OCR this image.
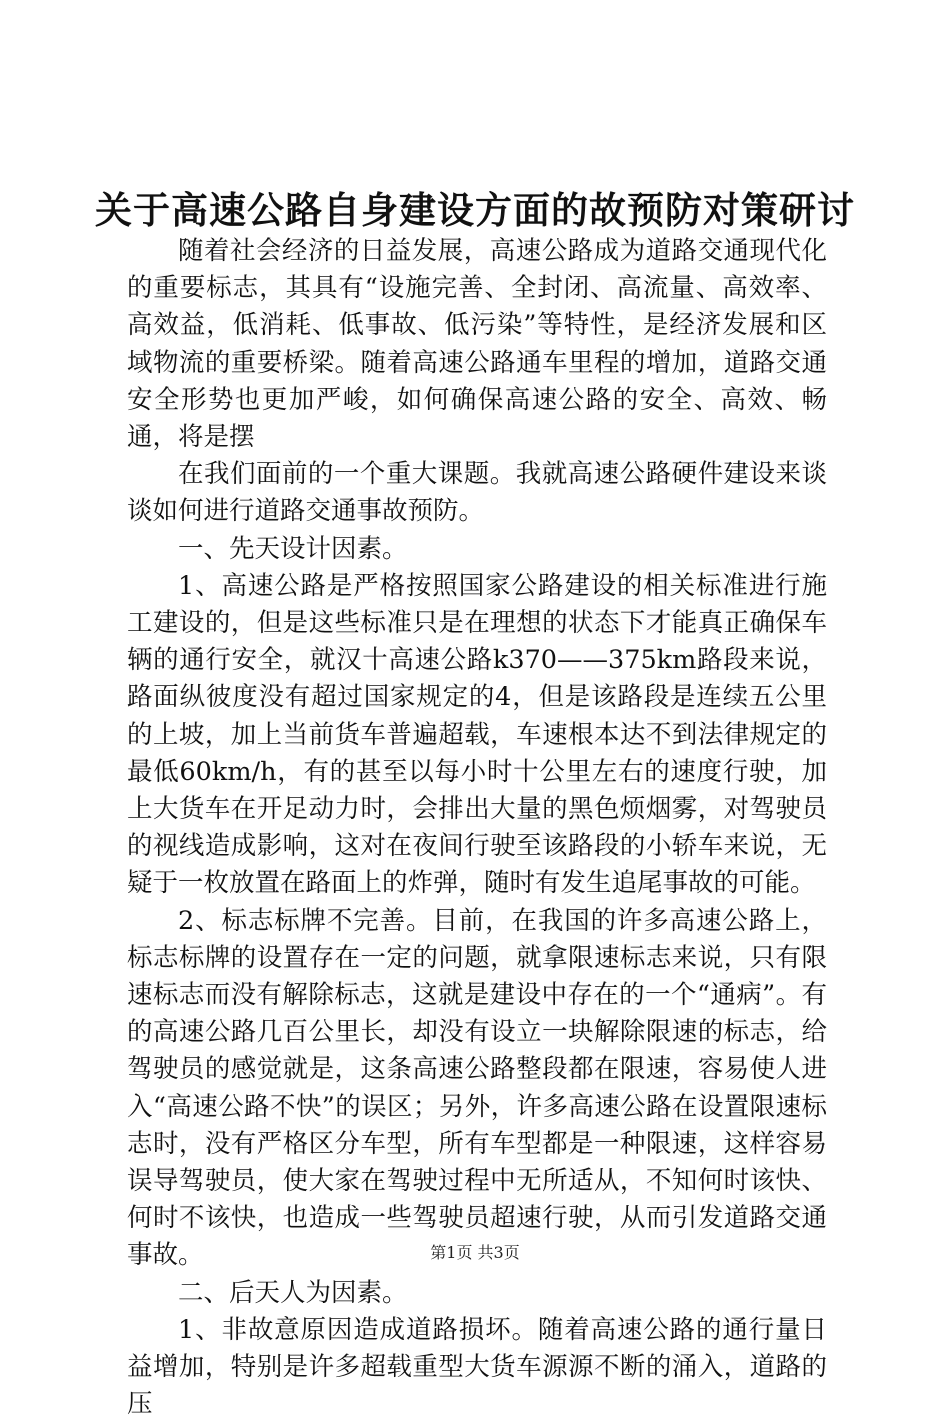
关于高速公路自身建设方面的故预防对策研讨

随着社会经济的日益发展，高速公路成为道路交通现代化的重要标志，其具有“设施完善、全封闭、高流量、高效率、高效益，低消耗、低事故、低污染”等特性，是经济发展和区域物流的重要桥梁。随着高速公路通车里程的增加，道路交通安全形势也更加严峻，如何确保高速公路的安全、高效、畅通，将是摆

在我们面前的一个重大课题。我就高速公路硬件建设来谈谈如何进行道路交通事故预防。

一、先天设计因素。

1、高速公路是严格按照国家公路建设的相关标准进行施工建设的，但是这些标准只是在理想的状态下才能真正确保车辆的通行安全，就汉十高速公路k370——375km路段来说，路面纵彼度没有超过国家规定的4，但是该路段是连续五公里的上坡，加上当前货车普遍超载，车速根本达不到法律规定的最低60km/h，有的甚至以每小时十公里左右的速度行驶，加上大货车在开足动力时，会排出大量的黑色烦烟雾，对驾驶员的视线造成影响，这对在夜间行驶至该路段的小轿车来说，无疑于一枚放置在路面上的炸弹，随时有发生追尾事故的可能。

2、标志标牌不完善。目前，在我国的许多高速公路上，标志标牌的设置存在一定的问题，就拿限速标志来说，只有限速标志而没有解除标志，这就是建设中存在的一个“通病”。有的高速公路几百公里长，却没有设立一块解除限速的标志，给驾驶员的感觉就是，这条高速公路整段都在限速，容易使人进入“高速公路不快”的误区；另外，许多高速公路在设置限速标志时，没有严格区分车型，所有车型都是一种限速，这样容易误导驾驶员，使大家在驾驶过程中无所适从，不知何时该快、何时不该快，也造成一些驾驶员超速行驶，从而引发道路交通事故。

二、后天人为因素。

1、非故意原因造成道路损坏。随着高速公路的通行量日益增加，特别是许多超载重型大货车源源不断的涌入，道路的压

第1页 共3页
